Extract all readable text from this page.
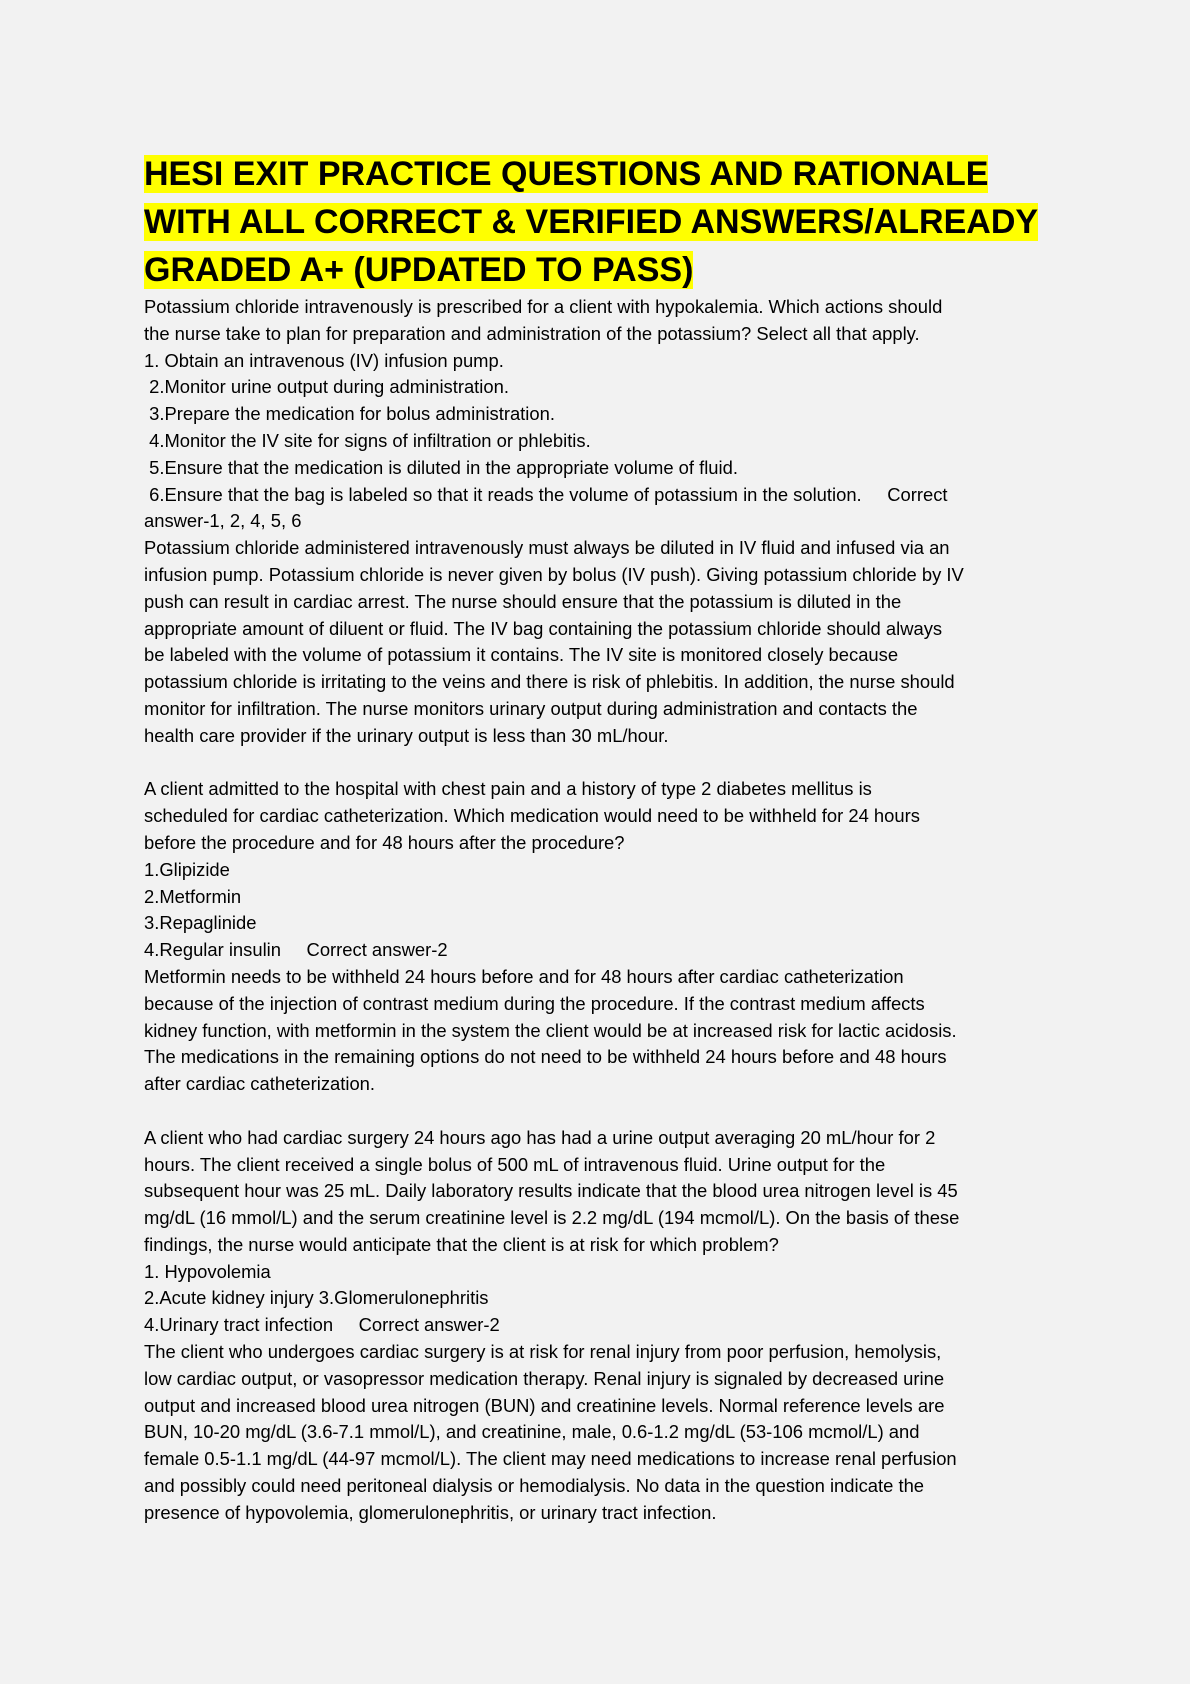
HESI EXIT PRACTICE QUESTIONS AND RATIONALE
WITH ALL CORRECT & VERIFIED ANSWERS/ALREADY
GRADED A+ (UPDATED TO PASS)

Potassium chloride intravenously is prescribed for a client with hypokalemia. Which actions should

the nurse take to plan for preparation and administration of the potassium? Select all that apply.

1. Obtain an intravenous (IV) infusion pump.

2.Monitor urine output during administration.

3.Prepare the medication for bolus administration.

4.Monitor the IV site for signs of infiltration or phlebitis.

5.Ensure that the medication is diluted in the appropriate volume of fluid.

6.Ensure that the bag is labeled so that it reads the volume of potassium in the solution.     Correct

answer-1, 2, 4, 5, 6

Potassium chloride administered intravenously must always be diluted in IV fluid and infused via an

infusion pump. Potassium chloride is never given by bolus (IV push). Giving potassium chloride by IV

push can result in cardiac arrest. The nurse should ensure that the potassium is diluted in the

appropriate amount of diluent or fluid. The IV bag containing the potassium chloride should always

be labeled with the volume of potassium it contains. The IV site is monitored closely because

potassium chloride is irritating to the veins and there is risk of phlebitis. In addition, the nurse should

monitor for infiltration. The nurse monitors urinary output during administration and contacts the

health care provider if the urinary output is less than 30 mL/hour.

A client admitted to the hospital with chest pain and a history of type 2 diabetes mellitus is

scheduled for cardiac catheterization. Which medication would need to be withheld for 24 hours

before the procedure and for 48 hours after the procedure?

1.Glipizide

2.Metformin

3.Repaglinide

4.Regular insulin     Correct answer-2

Metformin needs to be withheld 24 hours before and for 48 hours after cardiac catheterization

because of the injection of contrast medium during the procedure. If the contrast medium affects

kidney function, with metformin in the system the client would be at increased risk for lactic acidosis.

The medications in the remaining options do not need to be withheld 24 hours before and 48 hours

after cardiac catheterization.

A client who had cardiac surgery 24 hours ago has had a urine output averaging 20 mL/hour for 2

hours. The client received a single bolus of 500 mL of intravenous fluid. Urine output for the

subsequent hour was 25 mL. Daily laboratory results indicate that the blood urea nitrogen level is 45

mg/dL (16 mmol/L) and the serum creatinine level is 2.2 mg/dL (194 mcmol/L). On the basis of these

findings, the nurse would anticipate that the client is at risk for which problem?

1. Hypovolemia

2.Acute kidney injury 3.Glomerulonephritis

4.Urinary tract infection     Correct answer-2

The client who undergoes cardiac surgery is at risk for renal injury from poor perfusion, hemolysis,

low cardiac output, or vasopressor medication therapy. Renal injury is signaled by decreased urine

output and increased blood urea nitrogen (BUN) and creatinine levels. Normal reference levels are

BUN, 10-20 mg/dL (3.6-7.1 mmol/L), and creatinine, male, 0.6-1.2 mg/dL (53-106 mcmol/L) and

female 0.5-1.1 mg/dL (44-97 mcmol/L). The client may need medications to increase renal perfusion

and possibly could need peritoneal dialysis or hemodialysis. No data in the question indicate the

presence of hypovolemia, glomerulonephritis, or urinary tract infection.
